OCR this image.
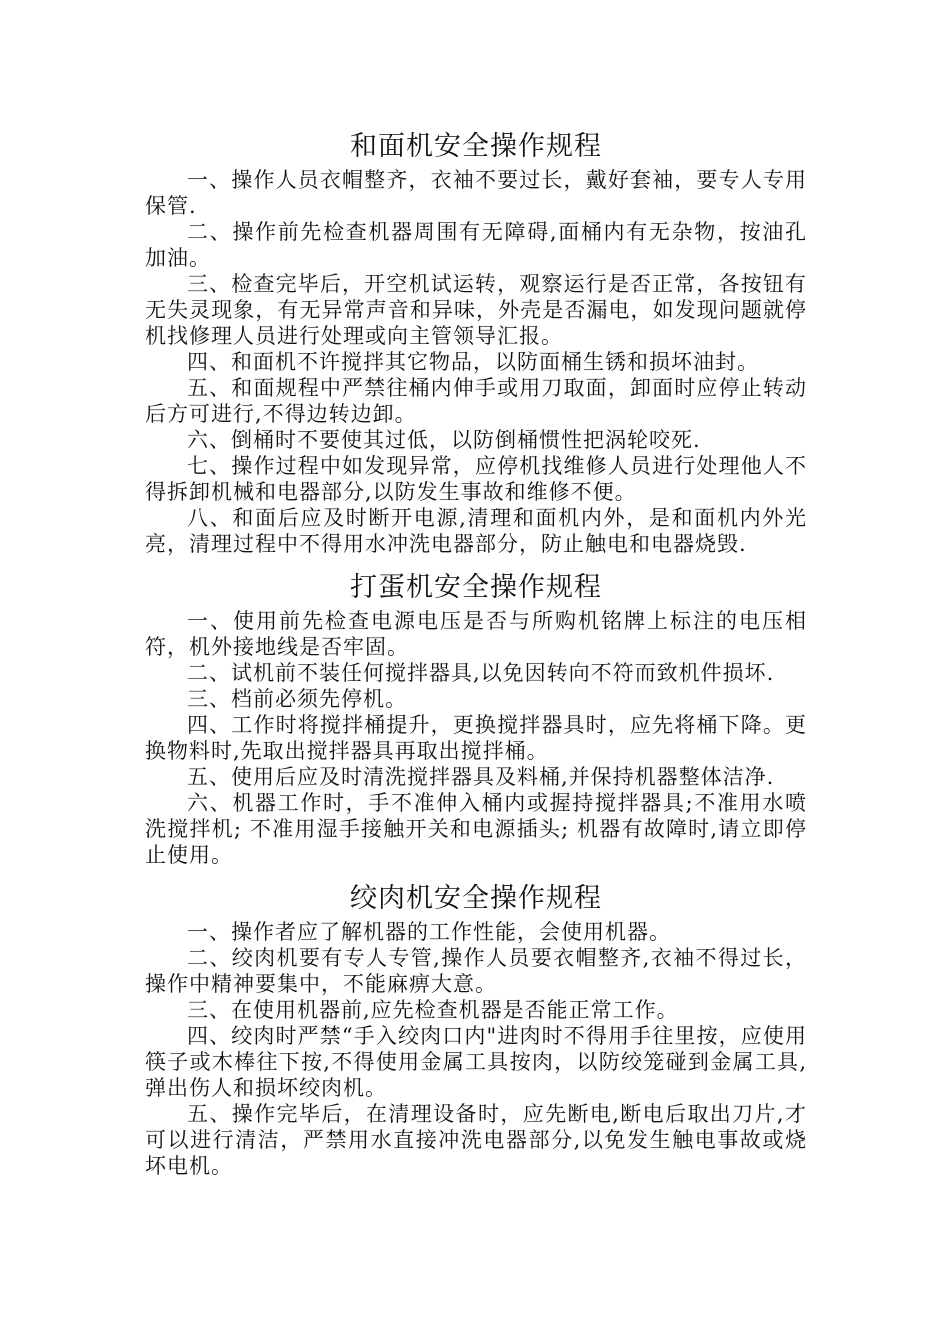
和面机安全操作规程

一、操作人员衣帽整齐，衣袖不要过长，戴好套袖，要专人专用保管.

二、操作前先检查机器周围有无障碍,面桶内有无杂物，按油孔加油。

三、检查完毕后，开空机试运转，观察运行是否正常，各按钮有无失灵现象，有无异常声音和异味，外壳是否漏电，如发现问题就停机找修理人员进行处理或向主管领导汇报。

四、和面机不许搅拌其它物品，以防面桶生锈和损坏油封。

五、和面规程中严禁往桶内伸手或用刀取面，卸面时应停止转动后方可进行,不得边转边卸。

六、倒桶时不要使其过低，以防倒桶惯性把涡轮咬死.

七、操作过程中如发现异常，应停机找维修人员进行处理他人不得拆卸机械和电器部分,以防发生事故和维修不便。

八、和面后应及时断开电源,清理和面机内外，是和面机内外光亮，清理过程中不得用水冲洗电器部分，防止触电和电器烧毁.

打蛋机安全操作规程

一、使用前先检查电源电压是否与所购机铭牌上标注的电压相符，机外接地线是否牢固。

二、试机前不装任何搅拌器具,以免因转向不符而致机件损坏.

三、档前必须先停机。

四、工作时将搅拌桶提升，更换搅拌器具时，应先将桶下降。更换物料时,先取出搅拌器具再取出搅拌桶。

五、使用后应及时清洗搅拌器具及料桶,并保持机器整体洁净.

六、机器工作时，手不准伸入桶内或握持搅拌器具;不准用水喷洗搅拌机; 不准用湿手接触开关和电源插头; 机器有故障时,请立即停止使用。

绞肉机安全操作规程

一、操作者应了解机器的工作性能，会使用机器。

二、绞肉机要有专人专管,操作人员要衣帽整齐,衣袖不得过长，操作中精神要集中，不能麻痹大意。

三、在使用机器前,应先检查机器是否能正常工作。

四、绞肉时严禁“手入绞肉口内"进肉时不得用手往里按，应使用筷子或木棒往下按,不得使用金属工具按肉，以防绞笼碰到金属工具,弹出伤人和损坏绞肉机。

五、操作完毕后，在清理设备时，应先断电,断电后取出刀片,才可以进行清洁，严禁用水直接冲洗电器部分,以免发生触电事故或烧坏电机。
